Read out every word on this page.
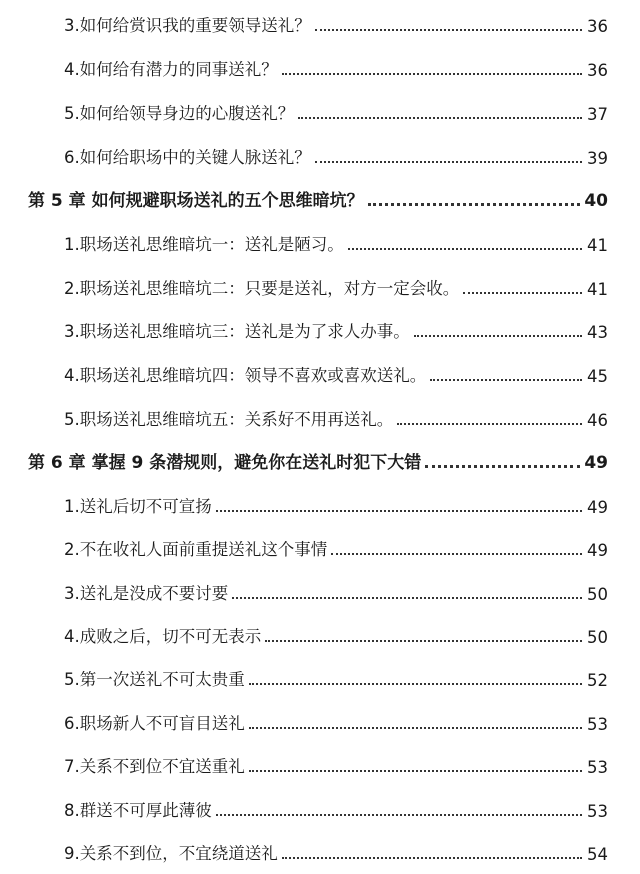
3.如何给赏识我的重要领导送礼？	36
4.如何给有潜力的同事送礼？	36
5.如何给领导身边的心腹送礼？	37
6.如何给职场中的关键人脉送礼？	39
第 5 章 如何规避职场送礼的五个思维暗坑？	40
1.职场送礼思维暗坑一：送礼是陋习。	41
2.职场送礼思维暗坑二：只要是送礼，对方一定会收。	41
3.职场送礼思维暗坑三：送礼是为了求人办事。	43
4.职场送礼思维暗坑四：领导不喜欢或喜欢送礼。	45
5.职场送礼思维暗坑五：关系好不用再送礼。	46
第 6 章 掌握 9 条潜规则，避免你在送礼时犯下大错	49
1.送礼后切不可宣扬	49
2.不在收礼人面前重提送礼这个事情	49
3.送礼是没成不要讨要	50
4.成败之后，切不可无表示	50
5.第一次送礼不可太贵重	52
6.职场新人不可盲目送礼	53
7.关系不到位不宜送重礼	53
8.群送不可厚此薄彼	53
9.关系不到位，不宜绕道送礼	54
